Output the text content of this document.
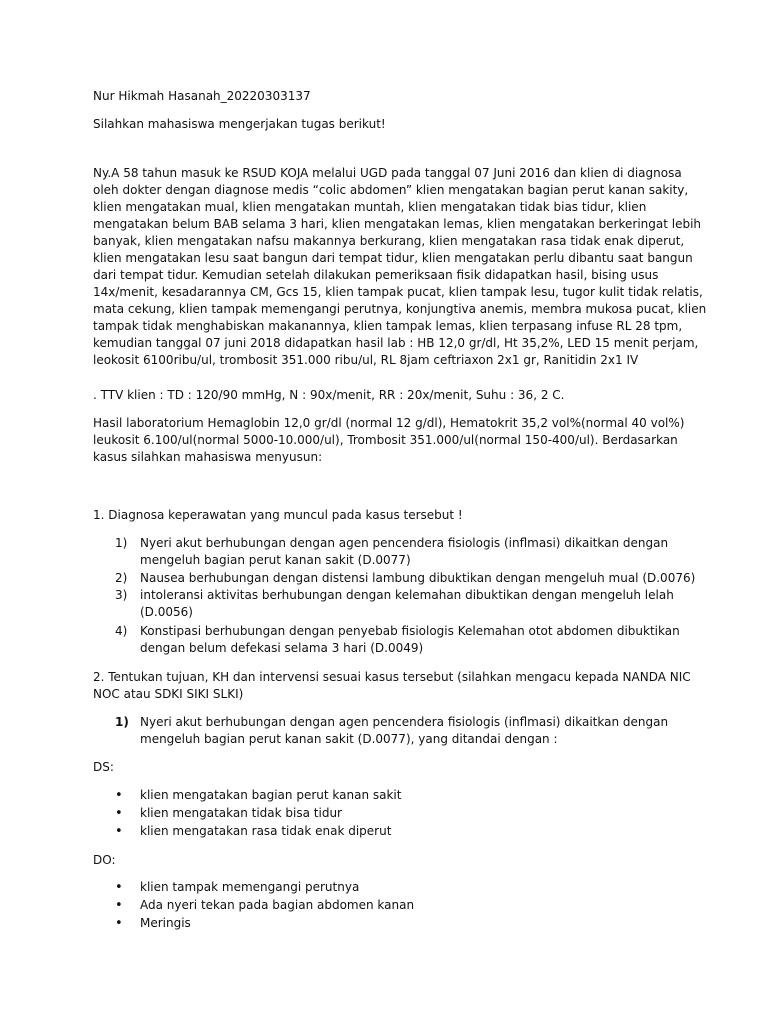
Nur Hikmah Hasanah_20220303137
Silahkan mahasiswa mengerjakan tugas berikut!
Ny.A 58 tahun masuk ke RSUD KOJA melalui UGD pada tanggal 07 Juni 2016 dan klien di diagnosa
oleh dokter dengan diagnose medis “colic abdomen” klien mengatakan bagian perut kanan sakity,
klien mengatakan mual, klien mengatakan muntah, klien mengatakan tidak bias tidur, klien
mengatakan belum BAB selama 3 hari, klien mengatakan lemas, klien mengatakan berkeringat lebih
banyak, klien mengatakan nafsu makannya berkurang, klien mengatakan rasa tidak enak diperut,
klien mengatakan lesu saat bangun dari tempat tidur, klien mengatakan perlu dibantu saat bangun
dari tempat tidur. Kemudian setelah dilakukan pemeriksaan fisik didapatkan hasil, bising usus
14x/menit, kesadarannya CM, Gcs 15, klien tampak pucat, klien tampak lesu, tugor kulit tidak relatis,
mata cekung, klien tampak memengangi perutnya, konjungtiva anemis, membra mukosa pucat, klien
tampak tidak menghabiskan makanannya, klien tampak lemas, klien terpasang infuse RL 28 tpm,
kemudian tanggal 07 juni 2018 didapatkan hasil lab : HB 12,0 gr/dl, Ht 35,2%, LED 15 menit perjam,
leokosit 6100ribu/ul, trombosit 351.000 ribu/ul, RL 8jam ceftriaxon 2x1 gr, Ranitidin 2x1 IV
. TTV klien : TD : 120/90 mmHg, N : 90x/menit, RR : 20x/menit, Suhu : 36, 2 C.
Hasil laboratorium Hemaglobin 12,0 gr/dl (normal 12 g/dl), Hematokrit 35,2 vol%(normal 40 vol%)
leukosit 6.100/ul(normal 5000-10.000/ul), Trombosit 351.000/ul(normal 150-400/ul). Berdasarkan
kasus silahkan mahasiswa menyusun:
1. Diagnosa keperawatan yang muncul pada kasus tersebut !
1) Nyeri akut berhubungan dengan agen pencendera fisiologis (inflmasi) dikaitkan dengan
mengeluh bagian perut kanan sakit (D.0077)
2) Nausea berhubungan dengan distensi lambung dibuktikan dengan mengeluh mual (D.0076)
3) intoleransi aktivitas berhubungan dengan kelemahan dibuktikan dengan mengeluh lelah
(D.0056)
4) Konstipasi berhubungan dengan penyebab fisiologis Kelemahan otot abdomen dibuktikan
dengan belum defekasi selama 3 hari (D.0049)
2. Tentukan tujuan, KH dan intervensi sesuai kasus tersebut (silahkan mengacu kepada NANDA NIC
NOC atau SDKI SIKI SLKI)
1) Nyeri akut berhubungan dengan agen pencendera fisiologis (inflmasi) dikaitkan dengan
mengeluh bagian perut kanan sakit (D.0077), yang ditandai dengan :
DS:
• klien mengatakan bagian perut kanan sakit
• klien mengatakan tidak bisa tidur
• klien mengatakan rasa tidak enak diperut
DO:
• klien tampak memengangi perutnya
• Ada nyeri tekan pada bagian abdomen kanan
• Meringis
